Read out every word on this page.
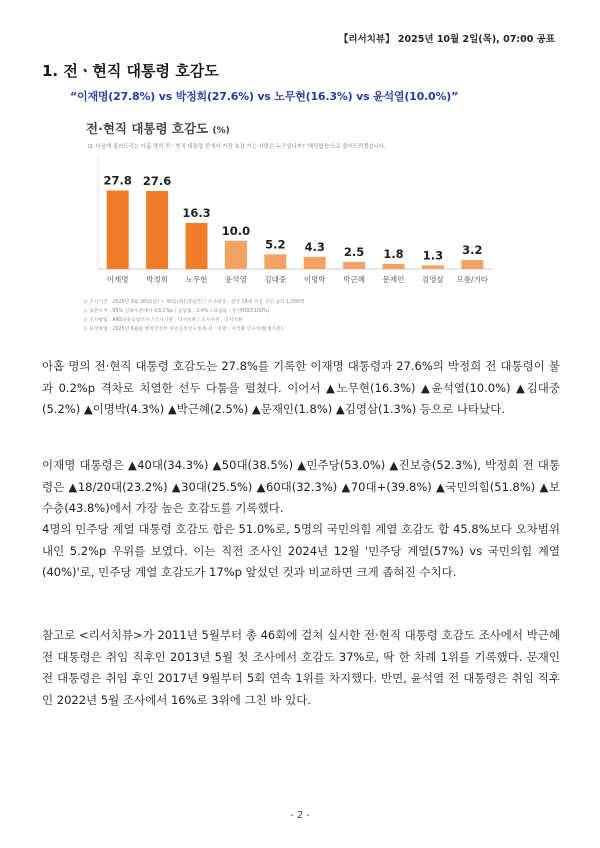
【리서치뷰】 2025년 10월 2일(목), 07:00 공표
1. 전ㆍ현직 대통령 호감도
“이재명(27.8%) vs 박정희(27.6%) vs 노무현(16.3%) vs 윤석열(10.0%)”
전·현직 대통령 호감도 (%)
Q. 다음에 불러드리는 아홉 명의 전ㆍ현직 대통령 중에서 가장 호감 가는 사람은 누구입니까? '해당없음'으로 불러드리겠습니다.
27.8
이재명
27.6
박정희
16.3
노무현
10.0
윤석열
5.2
김대중
4.3
이명박
2.5
박근혜
1.8
문재인
1.3
김영삼
3.2
모름/기타
▷ 조사기간 : 2025년 9월 28일(일) ~ 30일(화) (3일간) / 조사대상 : 전국 18세 이상 성인 남녀 1,000명
▷ 표본오차 : 95% 신뢰수준에서 ±3.1%p / 응답률 : 2.4% / 표집틀 : 무선RDD(100%)
▷ 조사방법 : ARS자동응답조사 / 조사기관 : 리서치뷰 / 조사주관 : 리서치뷰
▷ 보정방법 : 2025년 6월말 행정안전부 주민등록인구통계 성ㆍ연령ㆍ지역별 인구비례(셀가중)
아홉 명의 전·현직 대통령 호감도는 27.8%를 기록한 이재명 대통령과 27.6%의 박정희 전 대통령이 불과 0.2%p 격차로 치열한 선두 다툼을 펼쳤다. 이어서 ▲노무현(16.3%) ▲윤석열(10.0%) ▲김대중(5.2%) ▲이명박(4.3%) ▲박근혜(2.5%) ▲문재인(1.8%) ▲김영삼(1.3%) 등으로 나타났다.
이재명 대통령은 ▲40대(34.3%) ▲50대(38.5%) ▲민주당(53.0%) ▲진보층(52.3%), 박정희 전 대통령은 ▲18/20대(23.2%) ▲30대(25.5%) ▲60대(32.3%) ▲70대+(39.8%) ▲국민의힘(51.8%) ▲보수층(43.8%)에서 가장 높은 호감도를 기록했다.
4명의 민주당 계열 대통령 호감도 합은 51.0%로, 5명의 국민의힘 계열 호감도 합 45.8%보다 오차범위 내인 5.2%p 우위를 보였다. 이는 직전 조사인 2024년 12월 '민주당 계열(57%) vs 국민의힘 계열(40%)'로, 민주당 계열 호감도가 17%p 앞섰던 것과 비교하면 크게 좁혀진 수치다.
참고로 <리서치뷰>가 2011년 5월부터 총 46회에 걸쳐 실시한 전·현직 대통령 호감도 조사에서 박근혜 전 대통령은 취임 직후인 2013년 5월 첫 조사에서 호감도 37%로, 딱 한 차례 1위를 기록했다. 문재인 전 대통령은 취임 후인 2017년 9월부터 5회 연속 1위를 차지했다. 반면, 윤석열 전 대통령은 취임 직후인 2022년 5월 조사에서 16%로 3위에 그친 바 있다.
- 2 -
